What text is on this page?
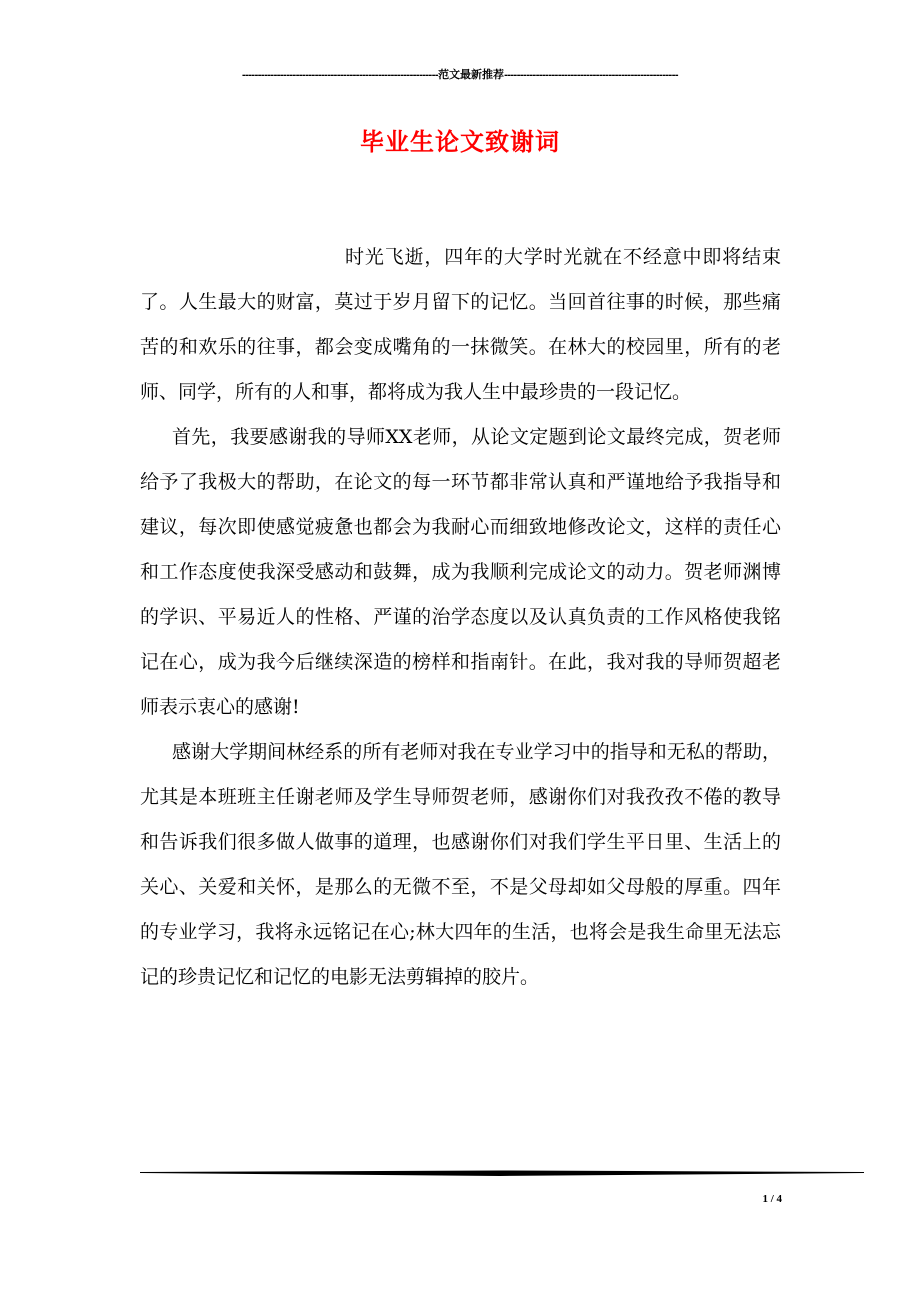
--------------------------------------------------------------范文最新推荐-------------------------------------------------------
毕业生论文致谢词

时光飞逝，四年的大学时光就在不经意中即将结束了。人生最大的财富，莫过于岁月留下的记忆。当回首往事的时候，那些痛苦的和欢乐的往事，都会变成嘴角的一抹微笑。在林大的校园里，所有的老师、同学，所有的人和事，都将成为我人生中最珍贵的一段记忆。

首先，我要感谢我的导师XX老师，从论文定题到论文最终完成，贺老师给予了我极大的帮助，在论文的每一环节都非常认真和严谨地给予我指导和建议，每次即使感觉疲惫也都会为我耐心而细致地修改论文，这样的责任心和工作态度使我深受感动和鼓舞，成为我顺利完成论文的动力。贺老师渊博的学识、平易近人的性格、严谨的治学态度以及认真负责的工作风格使我铭记在心，成为我今后继续深造的榜样和指南针。在此，我对我的导师贺超老师表示衷心的感谢!

感谢大学期间林经系的所有老师对我在专业学习中的指导和无私的帮助，尤其是本班班主任谢老师及学生导师贺老师，感谢你们对我孜孜不倦的教导和告诉我们很多做人做事的道理，也感谢你们对我们学生平日里、生活上的关心、关爱和关怀，是那么的无微不至，不是父母却如父母般的厚重。四年的专业学习，我将永远铭记在心;林大四年的生活，也将会是我生命里无法忘记的珍贵记忆和记忆的电影无法剪辑掉的胶片。

1 / 4
